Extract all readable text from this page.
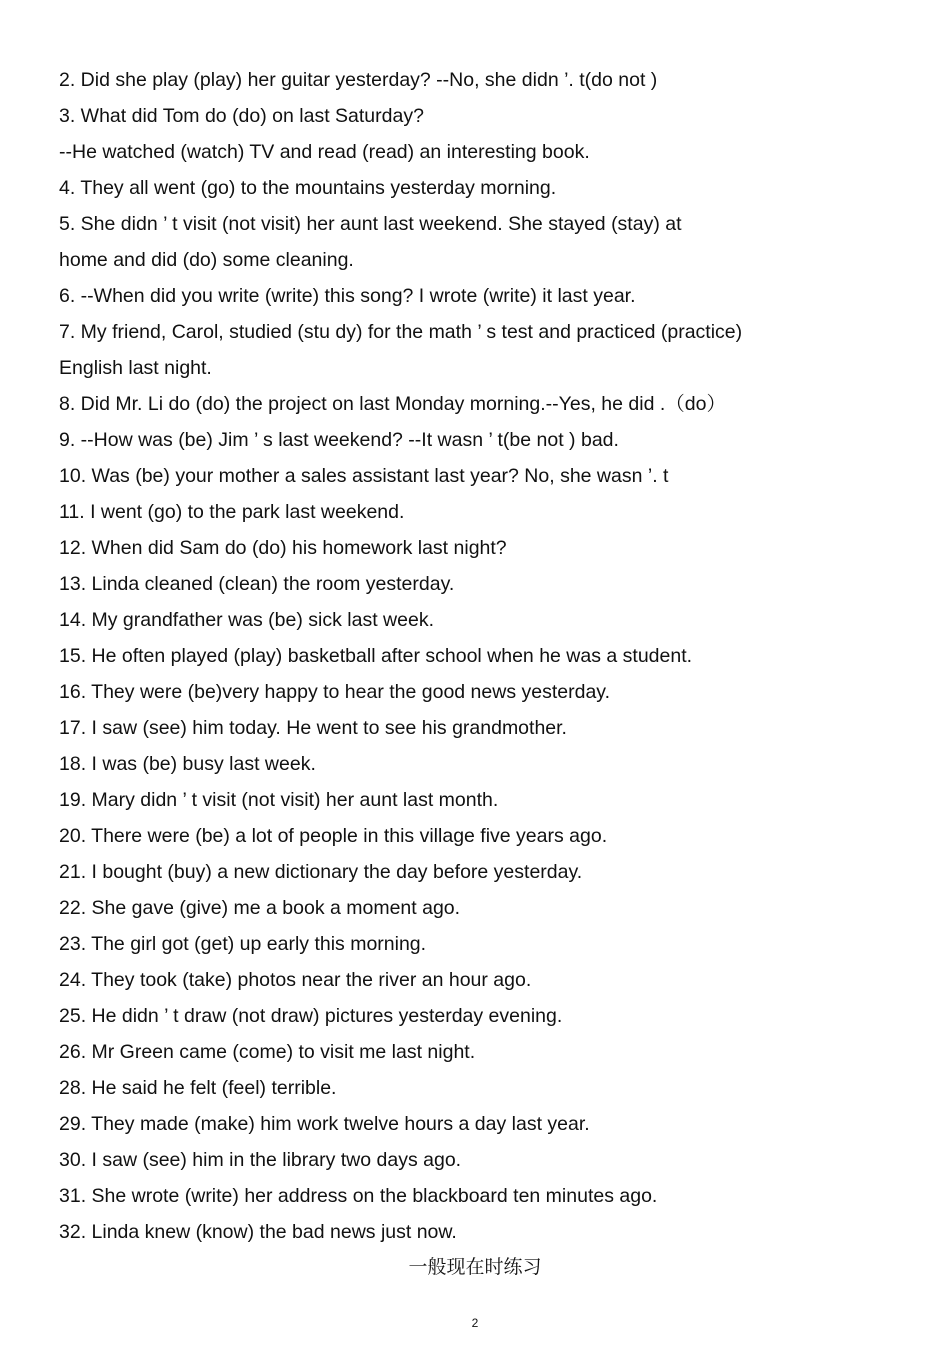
2. Did she play (play) her guitar yesterday? --No, she didn ’. t(do not )
3. What did Tom do (do) on last Saturday?
--He watched (watch) TV and read (read) an interesting book.
4. They all went (go) to the mountains yesterday morning.
5. She didn ’ t visit (not visit) her aunt last weekend. She stayed (stay) at
home and did (do) some cleaning.
6. --When did you write (write) this song? I wrote (write) it last year.
7. My friend, Carol, studied (stu dy) for the math ’ s test and practiced (practice)
English last night.
8. Did Mr. Li do (do) the project on last Monday morning.--Yes, he did .（do）
9. --How was (be) Jim ’ s last weekend? --It wasn ’ t(be not ) bad.
10. Was (be) your mother a sales assistant last year? No, she wasn ’. t
11. I went (go) to the park last weekend.
12. When did Sam do (do) his homework last night?
13. Linda cleaned (clean) the room yesterday.
14. My grandfather was (be) sick last week.
15. He often played (play) basketball after school when he was a student.
16. They were (be)very happy to hear the good news yesterday.
17. I saw (see) him today. He went to see his grandmother.
18. I was (be) busy last week.
19. Mary didn ’ t visit (not visit) her aunt last month.
20. There were (be) a lot of people in this village five years ago.
21. I bought (buy) a new dictionary the day before yesterday.
22. She gave (give) me a book a moment ago.
23. The girl got (get) up early this morning.
24. They took (take) photos near the river an hour ago.
25. He didn ’ t draw (not draw) pictures yesterday evening.
26. Mr Green came (come) to visit me last night.
28. He said he felt (feel) terrible.
29. They made (make) him work twelve hours a day last year.
30. I saw (see) him in the library two days ago.
31. She wrote (write) her address on the blackboard ten minutes ago.
32. Linda knew (know) the bad news just now.
一般现在时练习
2
